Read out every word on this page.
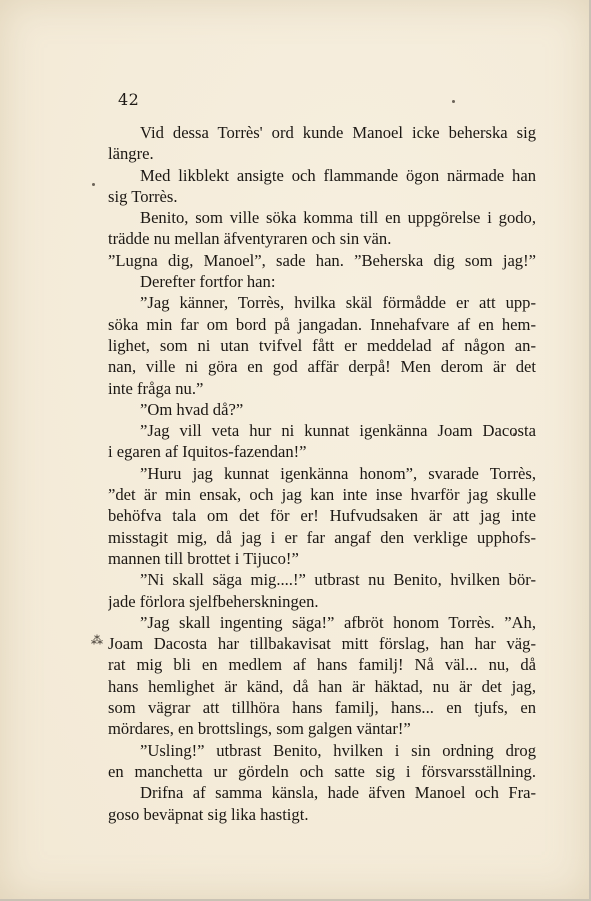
42
⁂
Vid dessa Torrès' ord kunde Manoel icke beherska sig
längre.
Med likblekt ansigte och flammande ögon närmade han
sig Torrès.
Benito, som ville söka komma till en uppgörelse i godo,
trädde nu mellan äfventyraren och sin vän.
”Lugna dig, Manoel”, sade han. ”Beherska dig som jag!”
Derefter fortfor han:
”Jag känner, Torrès, hvilka skäl förmådde er att upp-
söka min far om bord på jangadan. Innehafvare af en hem-
lighet, som ni utan tvifvel fått er meddelad af någon an-
nan, ville ni göra en god affär derpå! Men derom är det
inte fråga nu.”
”Om hvad då?”
”Jag vill veta hur ni kunnat igenkänna Joam Dacosta
i egaren af Iquitos-fazendan!”
”Huru jag kunnat igenkänna honom”, svarade Torrès,
”det är min ensak, och jag kan inte inse hvarför jag skulle
behöfva tala om det för er! Hufvudsaken är att jag inte
misstagit mig, då jag i er far angaf den verklige upphofs-
mannen till brottet i Tijuco!”
”Ni skall säga mig....!” utbrast nu Benito, hvilken bör-
jade förlora sjelfbeherskningen.
”Jag skall ingenting säga!” afbröt honom Torrès. ”Ah,
Joam Dacosta har tillbakavisat mitt förslag, han har väg-
rat mig bli en medlem af hans familj! Nå väl... nu, då
hans hemlighet är känd, då han är häktad, nu är det jag,
som vägrar att tillhöra hans familj, hans... en tjufs, en
mördares, en brottslings, som galgen väntar!”
”Usling!” utbrast Benito, hvilken i sin ordning drog
en manchetta ur gördeln och satte sig i försvarsställning.
Drifna af samma känsla, hade äfven Manoel och Fra-
goso beväpnat sig lika hastigt.
